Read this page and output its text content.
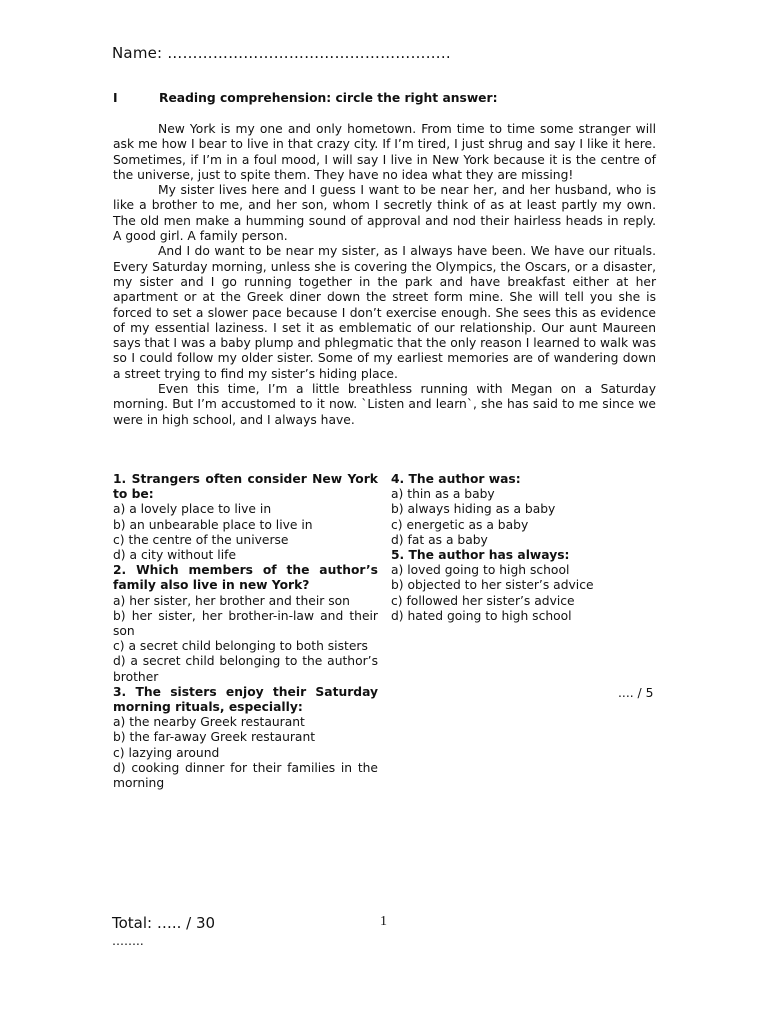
Name: ………………………………………………..
I	Reading comprehension: circle the right answer:

New York is my one and only hometown. From time to time some stranger will ask me how I bear to live in that crazy city. If I’m tired, I just shrug and say I like it here. Sometimes, if I’m in a foul mood, I will say I live in New York because it is the centre of the universe, just to spite them. They have no idea what they are missing!

My sister lives here and I guess I want to be near her, and her husband, who is like a brother to me, and her son, whom I secretly think of as at least partly my own. The old men make a humming sound of approval and nod their hairless heads in reply. A good girl. A family person.

And I do want to be near my sister, as I always have been. We have our rituals. Every Saturday morning, unless she is covering the Olympics, the Oscars, or a disaster, my sister and I go running together in the park and have breakfast either at her apartment or at the Greek diner down the street form mine. She will tell you she is forced to set a slower pace because I don’t exercise enough. She sees this as evidence of my essential laziness. I set it as emblematic of our relationship. Our aunt Maureen says that I was a baby plump and phlegmatic that the only reason I learned to walk was so I could follow my older sister. Some of my earliest memories are of wandering down a street trying to find my sister’s hiding place.

Even this time, I’m a little breathless running with Megan on a Saturday morning. But I’m accustomed to it now. `Listen and learn`, she has said to me since we were in high school, and I always have.

1. Strangers often consider New York to be:
a) a lovely place to live in
b) an unbearable place to live in
c) the centre of the universe
d) a city without life
2. Which members of the author’s family also live in new York?
a) her sister, her brother and their son
b) her sister, her brother-in-law and their son
c) a secret child belonging to both sisters
d) a secret child belonging to the author’s brother
3. The sisters enjoy their Saturday morning rituals, especially:
a) the nearby Greek restaurant
b) the far-away Greek restaurant
c) lazying around
d) cooking dinner for their families in the morning
4. The author was:
a) thin as a baby
b) always hiding as a baby
c) energetic as a baby
d) fat as a baby
5. The author has always:
a) loved going to high school
b) objected to her sister’s advice
c) followed her sister’s advice
d) hated going to high school
.... / 5
Total: ….. / 30
……..
1
